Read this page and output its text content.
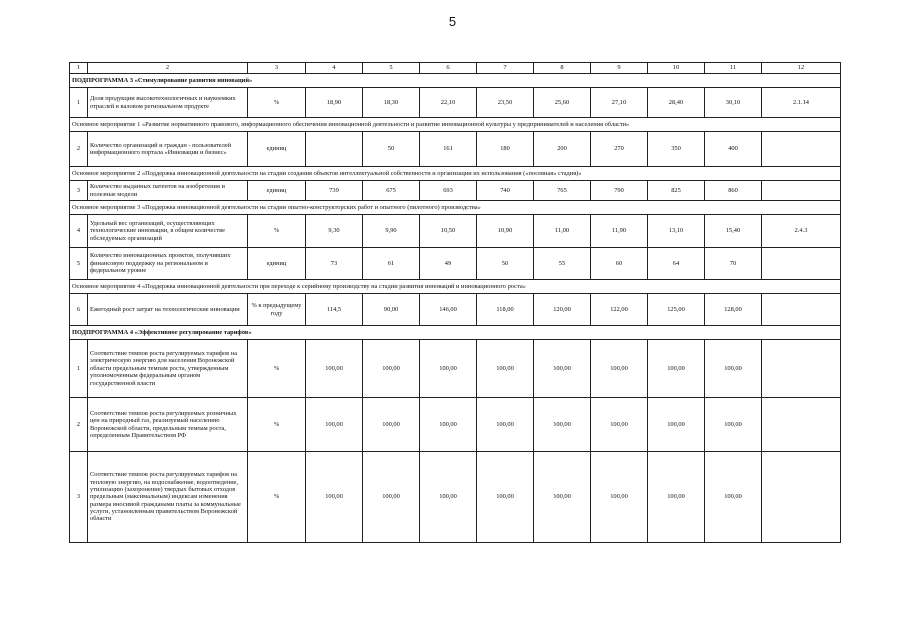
5
1	2	3	4	5	6	7	8	9	10	11	12
ПОДПРОГРАММА 3 «Стимулирование развития инноваций»											
1	Доля продукции высокотехнологичных и наукоемких отраслей в валовом региональном продукте	%	18,90	18,30	22,10	23,50	25,60	27,10	28,40	30,10	2.1.14
Основное мероприятие 1 «Развитие нормативного правового, информационного обеспечения инновационной деятельности и развитие инновационной культуры у предпринимателей и населения области»											
2	Количество организаций и граждан - пользователей информационного портала «Инновации и бизнес»	единиц		50	161	180	200	270	350	400	
Основное мероприятие 2 «Поддержка инновационной деятельности на стадии создания объектов интеллектуальной собственности и организации их использования («посевная» стадия)»											
3	Количество выданных патентов на изобретения и полезные модели	единиц	739	675	693	740	765	790	825	860	
Основное мероприятие 3 «Поддержка инновационной деятельности на стадии опытно-конструкторских работ и опытного (пилотного) производства»											
4	Удельный вес организаций, осуществляющих технологические инновации, в общем количестве обследуемых организаций	%	9,30	9,90	10,50	10,90	11,00	11,90	13,10	15,40	2.4.3
5	Количество инновационных проектов, получивших финансовую поддержку на региональном и федеральном уровне	единиц	73	61	49	50	55	60	64	70	
Основное мероприятие 4 «Поддержка инновационной деятельности при переходе к серийному производству на стадии развития инноваций и инновационного роста»											
6	Ежегодный рост затрат на технологические инновации	% к предыдущему году	114,5	90,00	146,00	118,00	120,00	122,00	125,00	128,00	
ПОДПРОГРАММА 4 «Эффективное регулирование тарифов»											
1	Соответствие темпов роста регулируемых тарифов на электрическую энергию для населения Воронежской области предельным темпам роста, утвержденным уполномоченным федеральным органом государственной власти	%	100,00	100,00	100,00	100,00	100,00	100,00	100,00	100,00	
2	Соответствие темпов роста регулируемых розничных цен на природный газ, реализуемый населению Воронежской области, предельным темпам роста, определенным Правительством РФ	%	100,00	100,00	100,00	100,00	100,00	100,00	100,00	100,00	
3	Соответствие темпов роста регулируемых тарифов на тепловую энергию, на водоснабжение, водоотведение, утилизацию (захоронение) твердых бытовых отходов предельным (максимальным) индексам изменения размера вносимой гражданами платы за коммунальные услуги, установленным правительством Воронежской области	%	100,00	100,00	100,00	100,00	100,00	100,00	100,00	100,00	
